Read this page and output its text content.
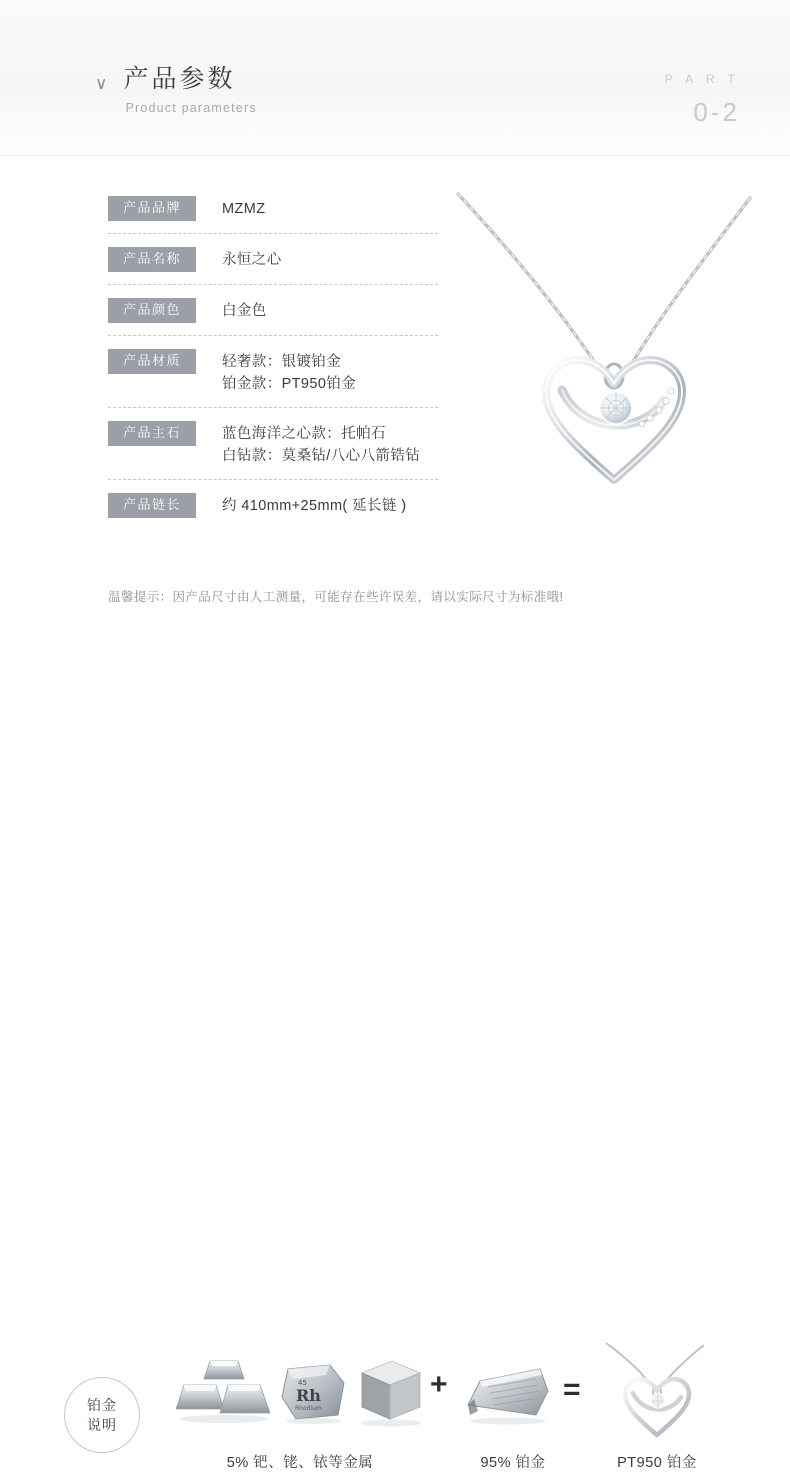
∨ 产品参数
Product parameters
P A R T
0-2
产品品牌	MZMZ
产品名称	永恒之心
产品颜色	白金色
产品材质	轻奢款：银镀铂金
铂金款：PT950铂金
产品主石	蓝色海洋之心款：托帕石
白钻款：莫桑钻/八心八箭锆钻
产品链长	约 410mm+25mm( 延长链 )
温馨提示：因产品尺寸由人工测量，可能存在些许误差，请以实际尺寸为标准哦!
铂金
说明
45
Rh
Rhodium
+	=
5% 钯、铑、铱等金属	95% 铂金	PT950 铂金
